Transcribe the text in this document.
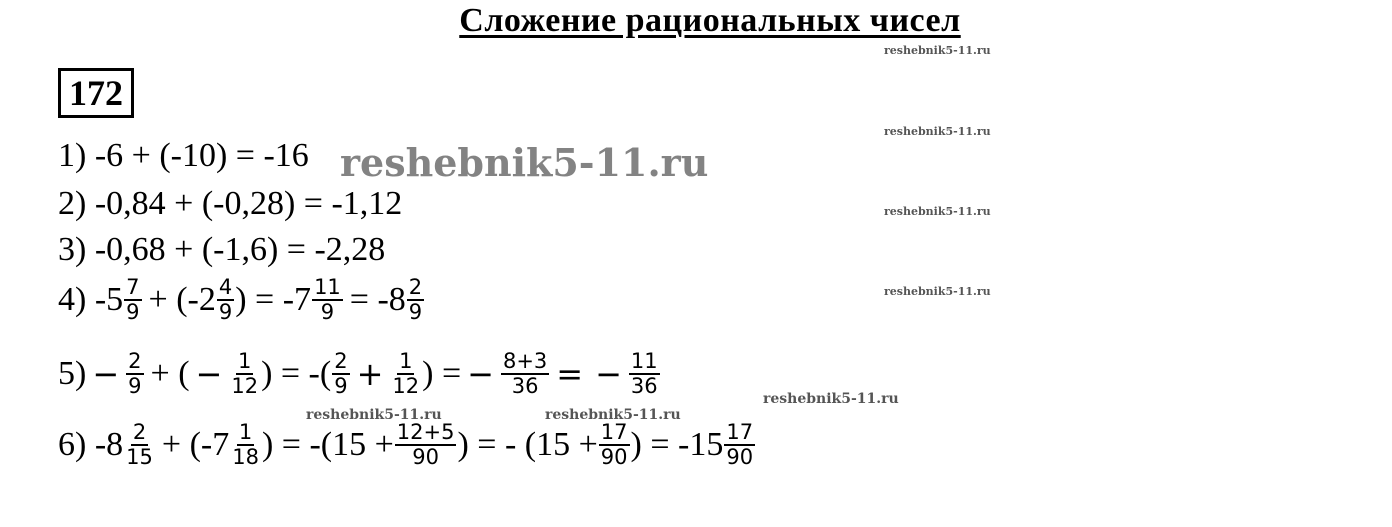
Сложение рациональных чисел
reshebnik5-11.ru
reshebnik5-11.ru
reshebnik5-11.ru
reshebnik5-11.ru
reshebnik5-11.ru
reshebnik5-11.ru	reshebnik5-11.ru
172
1) -6 + (-10) = -16
2) -0,84 + (-0,28) = -1,12
3) -0,68 + (-1,6) = -2,28
reshebnik5-11.ru
4) $-5 \frac{7}{9} + (-2 \frac{4}{9}$ ) = $-7 \frac{11}{9} = -8 \frac{2}{9}$
$5) - \frac{2}{9}$ + ( − $\frac{1}{12}$ ) = -( $\frac{2}{9} + \frac{1}{12}$ ) = − $\frac{8+3}{36}$ = − $\frac{11}{36}$
6) $-8 \frac{2}{15} + (-7 \frac{1}{18}$ ) = $-(15 + \frac{12+5}{90}$ ) = - ($15 + \frac{17}{90}$ ) = $-15 \frac{17}{90}$
